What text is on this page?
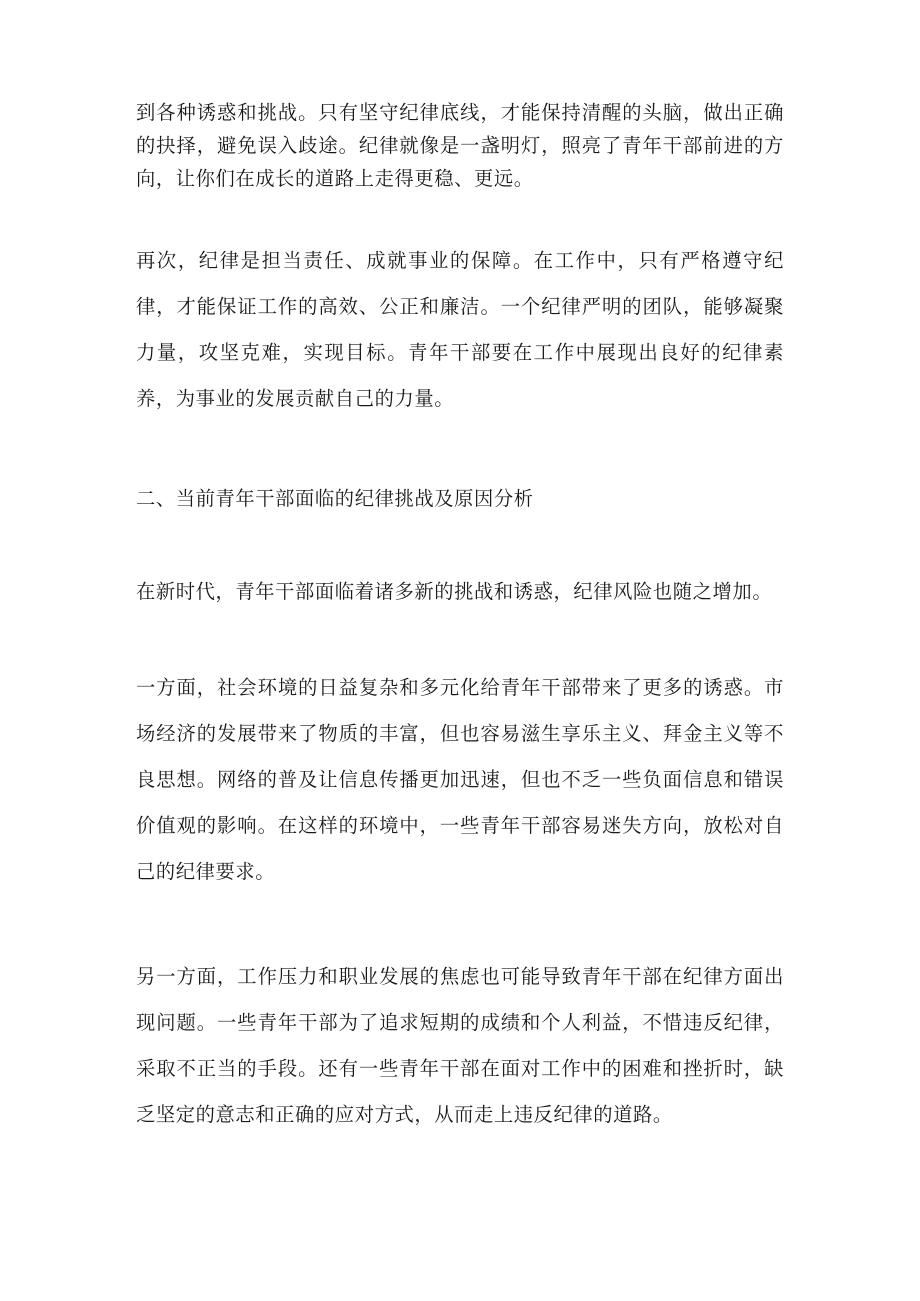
到各种诱惑和挑战。只有坚守纪律底线，才能保持清醒的头脑，做出正确的抉择，避免误入歧途。纪律就像是一盏明灯，照亮了青年干部前进的方向，让你们在成长的道路上走得更稳、更远。

再次，纪律是担当责任、成就事业的保障。在工作中，只有严格遵守纪律，才能保证工作的高效、公正和廉洁。一个纪律严明的团队，能够凝聚力量，攻坚克难，实现目标。青年干部要在工作中展现出良好的纪律素养，为事业的发展贡献自己的力量。

二、当前青年干部面临的纪律挑战及原因分析

在新时代，青年干部面临着诸多新的挑战和诱惑，纪律风险也随之增加。

一方面，社会环境的日益复杂和多元化给青年干部带来了更多的诱惑。市场经济的发展带来了物质的丰富，但也容易滋生享乐主义、拜金主义等不良思想。网络的普及让信息传播更加迅速，但也不乏一些负面信息和错误价值观的影响。在这样的环境中，一些青年干部容易迷失方向，放松对自己的纪律要求。

另一方面，工作压力和职业发展的焦虑也可能导致青年干部在纪律方面出现问题。一些青年干部为了追求短期的成绩和个人利益，不惜违反纪律，采取不正当的手段。还有一些青年干部在面对工作中的困难和挫折时，缺乏坚定的意志和正确的应对方式，从而走上违反纪律的道路。
